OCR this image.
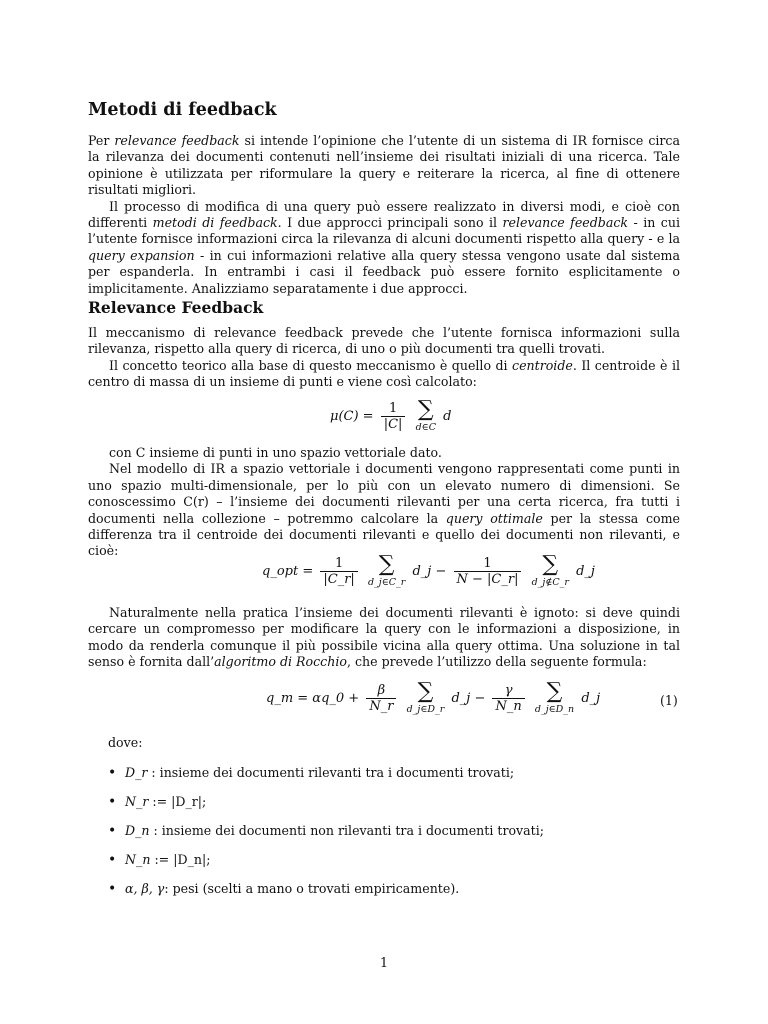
Metodi di feedback

Per relevance feedback si intende l’opinione che l’utente di un sistema di IR fornisce circa la rilevanza dei documenti contenuti nell’insieme dei risultati iniziali di una ricerca. Tale opinione è utilizzata per riformulare la query e reiterare la ricerca, al fine di ottenere risultati migliori.

Il processo di modifica di una query può essere realizzato in diversi modi, e cioè con differenti metodi di feedback. I due approcci principali sono il relevance feedback - in cui l’utente fornisce informazioni circa la rilevanza di alcuni documenti rispetto alla query - e la query expansion - in cui informazioni relative alla query stessa vengono usate dal sistema per espanderla. In entrambi i casi il feedback può essere fornito esplicitamente o implicitamente. Analizziamo separatamente i due approcci.

Relevance Feedback

Il meccanismo di relevance feedback prevede che l’utente fornisca informazioni sulla rilevanza, rispetto alla query di ricerca, di uno o più documenti tra quelli trovati.

Il concetto teorico alla base di questo meccanismo è quello di centroide. Il centroide è il centro di massa di un insieme di punti e viene così calcolato:

$\mu(C) = \frac{1}{|C|}$
∑
d∈C
d

con C insieme di punti in uno spazio vettoriale dato.

Nel modello di IR a spazio vettoriale i documenti vengono rappresentati come punti in uno spazio multi-dimensionale, per lo più con un elevato numero di dimensioni. Se conoscessimo C(r) – l’insieme dei documenti rilevanti per una certa ricerca, fra tutti i documenti nella collezione – potremmo calcolare la query ottimale per la stessa come differenza tra il centroide dei documenti rilevanti e quello dei documenti non rilevanti, e cioè:

q_opt = $\frac{1}{|C\_r|}$
∑
d_j∈C_r
d_j − $\frac{1}{N - |C\_r|}$
∑
d_j∉C_r
d_j

Naturalmente nella pratica l’insieme dei documenti rilevanti è ignoto: si deve quindi cercare un compromesso per modificare la query con le informazioni a disposizione, in modo da renderla comunque il più possibile vicina alla query ottima. Una soluzione in tal senso è fornita dall’algoritmo di Rocchio, che prevede l’utilizzo della seguente formula:

q_m = αq_0 + $\frac{\beta}{N\_r}$
∑
d_j∈D_r
d_j − $\frac{\gamma}{N\_n}$
∑
d_j∈D_n
d_j	(1)

dove:

• D_r : insieme dei documenti rilevanti tra i documenti trovati;
• N_r := |D_r|;
• D_n : insieme dei documenti non rilevanti tra i documenti trovati;
• N_n := |D_n|;
• α, β, γ: pesi (scelti a mano o trovati empiricamente).
1
